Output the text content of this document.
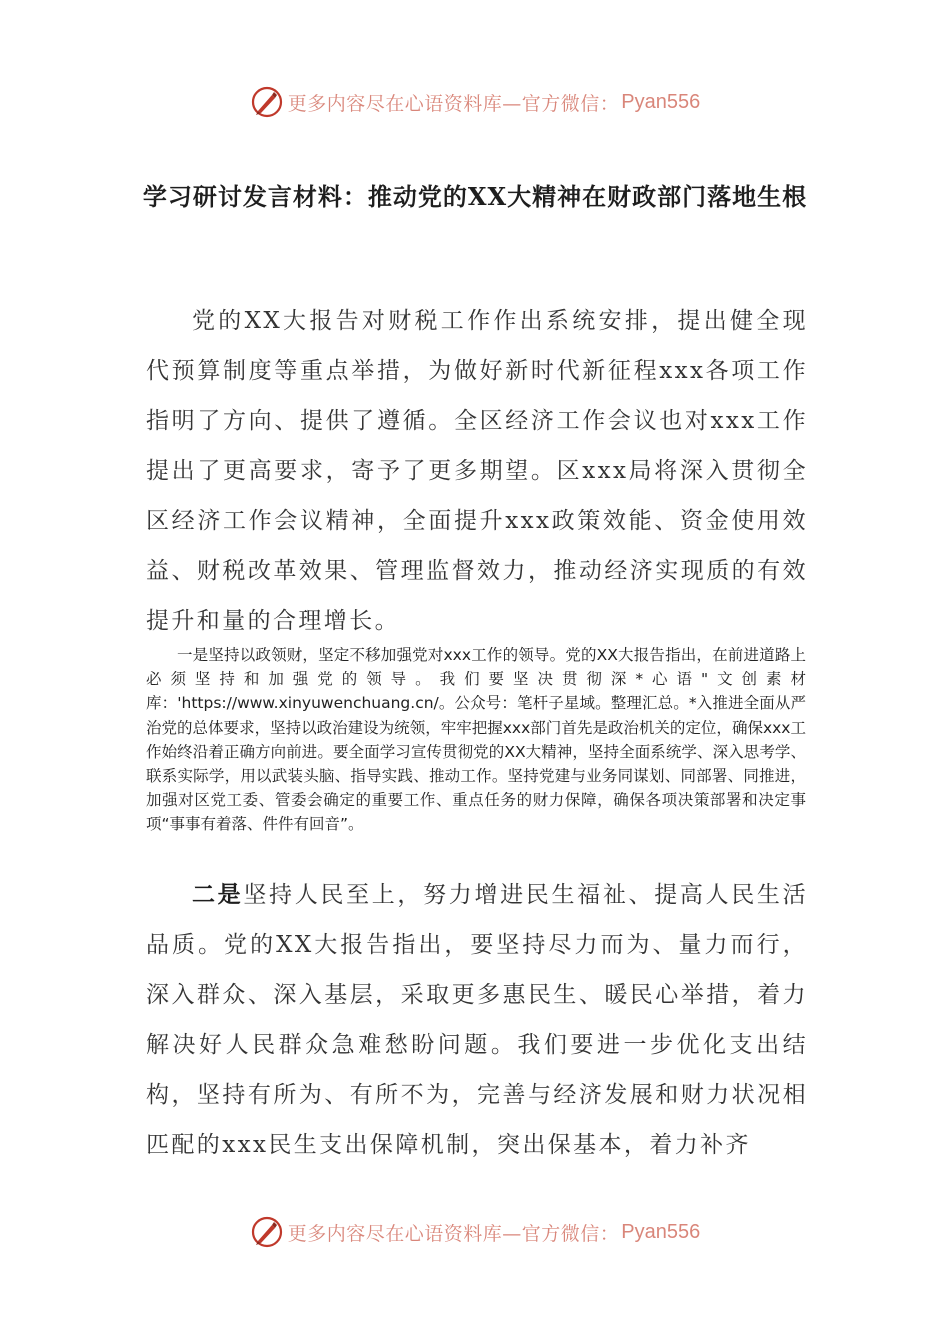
更多内容尽在心语资料库—官方微信： Pyan556
学习研讨发言材料：推动党的XX大精神在财政部门落地生根

党的XX大报告对财税工作作出系统安排，提出健全现代预算制度等重点举措，为做好新时代新征程xxx各项工作指明了方向、提供了遵循。全区经济工作会议也对xxx工作提出了更高要求，寄予了更多期望。区xxx局将深入贯彻全区经济工作会议精神，全面提升xxx政策效能、资金使用效益、财税改革效果、管理监督效力，推动经济实现质的有效提升和量的合理增长。

一是坚持以政领财，坚定不移加强党对xxx工作的领导。党的XX大报告指出，在前进道路上必须坚持和加强党的领导。我们要坚决贯彻深*心语"文创素材库：'https://www.xinyuwenchuang.cn/。公众号：笔杆子星域。整理汇总。*入推进全面从严治党的总体要求，坚持以政治建设为统领，牢牢把握xxx部门首先是政治机关的定位，确保xxx工作始终沿着正确方向前进。要全面学习宣传贯彻党的XX大精神，坚持全面系统学、深入思考学、联系实际学，用以武装头脑、指导实践、推动工作。坚持党建与业务同谋划、同部署、同推进，加强对区党工委、管委会确定的重要工作、重点任务的财力保障，确保各项决策部署和决定事项“事事有着落、件件有回音”。

二是坚持人民至上，努力增进民生福祉、提高人民生活品质。党的XX大报告指出，要坚持尽力而为、量力而行，深入群众、深入基层，采取更多惠民生、暖民心举措，着力解决好人民群众急难愁盼问题。我们要进一步优化支出结构，坚持有所为、有所不为，完善与经济发展和财力状况相匹配的xxx民生支出保障机制，突出保基本，着力补齐

更多内容尽在心语资料库—官方微信： Pyan556
